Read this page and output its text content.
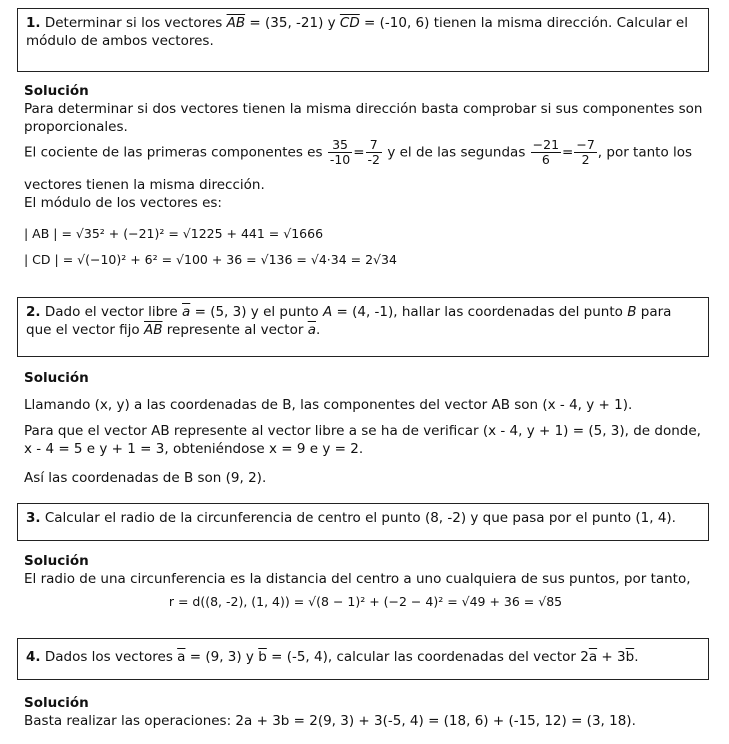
1. Determinar si los vectores $\overline{AB} = (35$, -21) y $\overline{CD} = (-10$, 6) tienen la misma dirección. Calcular el módulo de ambos vectores.
Solución
Para determinar si dos vectores tienen la misma dirección basta comprobar si sus componentes son proporcionales.
El cociente de las primeras componentes es $\frac{35}{-10} = \frac{7}{-2}$ y el de las segundas $\frac{-21}{6} = \frac{-7}{2}$ , por tanto los
vectores tienen la misma dirección.
El módulo de los vectores es:
| AB | = √35² + (−21)² = √1225 + 441 = √1666
| CD | = √(−10)² + 6² = √100 + 36 = √136 = √4·34 = 2√34
2. Dado el vector libre $\overline{a} = (5$, 3) y el punto A = (4, -1), hallar las coordenadas del punto B para que el vector fijo $\overline{AB}$ represente al vector $\overline{a}$.
Solución
Llamando (x, y) a las coordenadas de B, las componentes del vector AB son (x - 4, y + 1).
Para que el vector AB represente al vector libre a se ha de verificar (x - 4, y + 1) = (5, 3), de donde, x - 4 = 5 e y + 1 = 3, obteniéndose x = 9 e y = 2.
Así las coordenadas de B son (9, 2).
3. Calcular el radio de la circunferencia de centro el punto (8, -2) y que pasa por el punto (1, 4).
Solución
El radio de una circunferencia es la distancia del centro a uno cualquiera de sus puntos, por tanto,
r = d((8, -2), (1, 4)) = √(8 − 1)² + (−2 − 4)² = √49 + 36 = √85
4. Dados los vectores $\overline{a} = (9$, 3) y $\overline{b} = (-5$, 4), calcular las coordenadas del vector $2\overline{a} + 3\overline{b}$.
Solución
Basta realizar las operaciones: 2a + 3b = 2(9, 3) + 3(-5, 4) = (18, 6) + (-15, 12) = (3, 18).
